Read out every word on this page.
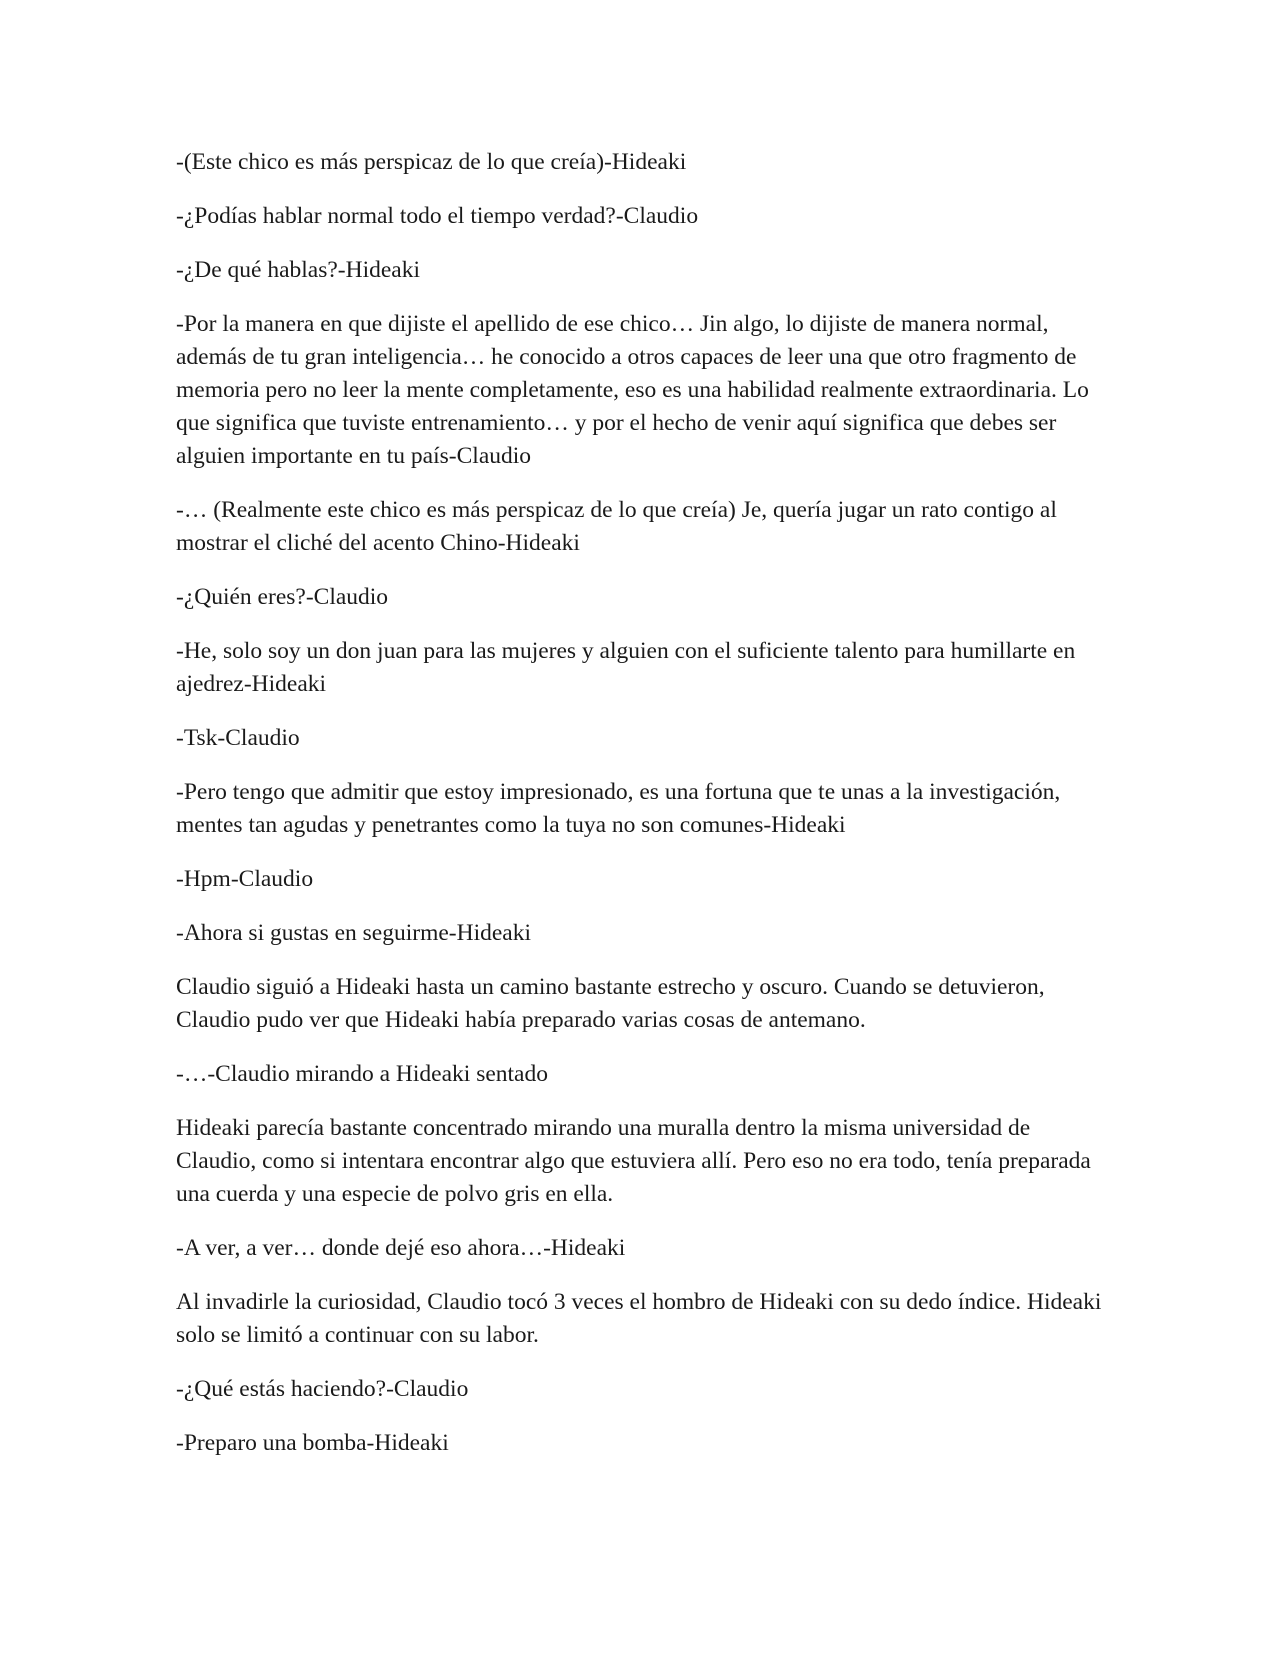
-(Este chico es más perspicaz de lo que creía)-Hideaki

-¿Podías hablar normal todo el tiempo verdad?-Claudio

-¿De qué hablas?-Hideaki

-Por la manera en que dijiste el apellido de ese chico… Jin algo, lo dijiste de manera normal, además de tu gran inteligencia… he conocido a otros capaces de leer una que otro fragmento de memoria pero no leer la mente completamente, eso es una habilidad realmente extraordinaria. Lo que significa que tuviste entrenamiento… y por el hecho de venir aquí significa que debes ser alguien importante en tu país-Claudio

-… (Realmente este chico es más perspicaz de lo que creía) Je, quería jugar un rato contigo al mostrar el cliché del acento Chino-Hideaki

-¿Quién eres?-Claudio

-He, solo soy un don juan para las mujeres y alguien con el suficiente talento para humillarte en ajedrez-Hideaki

-Tsk-Claudio

-Pero tengo que admitir que estoy impresionado, es una fortuna que te unas a la investigación, mentes tan agudas y penetrantes como la tuya no son comunes-Hideaki

-Hpm-Claudio

-Ahora si gustas en seguirme-Hideaki

Claudio siguió a Hideaki hasta un camino bastante estrecho y oscuro. Cuando se detuvieron, Claudio pudo ver que Hideaki había preparado varias cosas de antemano.

-…-Claudio mirando a Hideaki sentado

Hideaki parecía bastante concentrado mirando una muralla dentro la misma universidad de Claudio, como si intentara encontrar algo que estuviera allí. Pero eso no era todo, tenía preparada una cuerda y una especie de polvo gris en ella.

-A ver, a ver… donde dejé eso ahora…-Hideaki

Al invadirle la curiosidad, Claudio tocó 3 veces el hombro de Hideaki con su dedo índice. Hideaki solo se limitó a continuar con su labor.

-¿Qué estás haciendo?-Claudio

-Preparo una bomba-Hideaki
